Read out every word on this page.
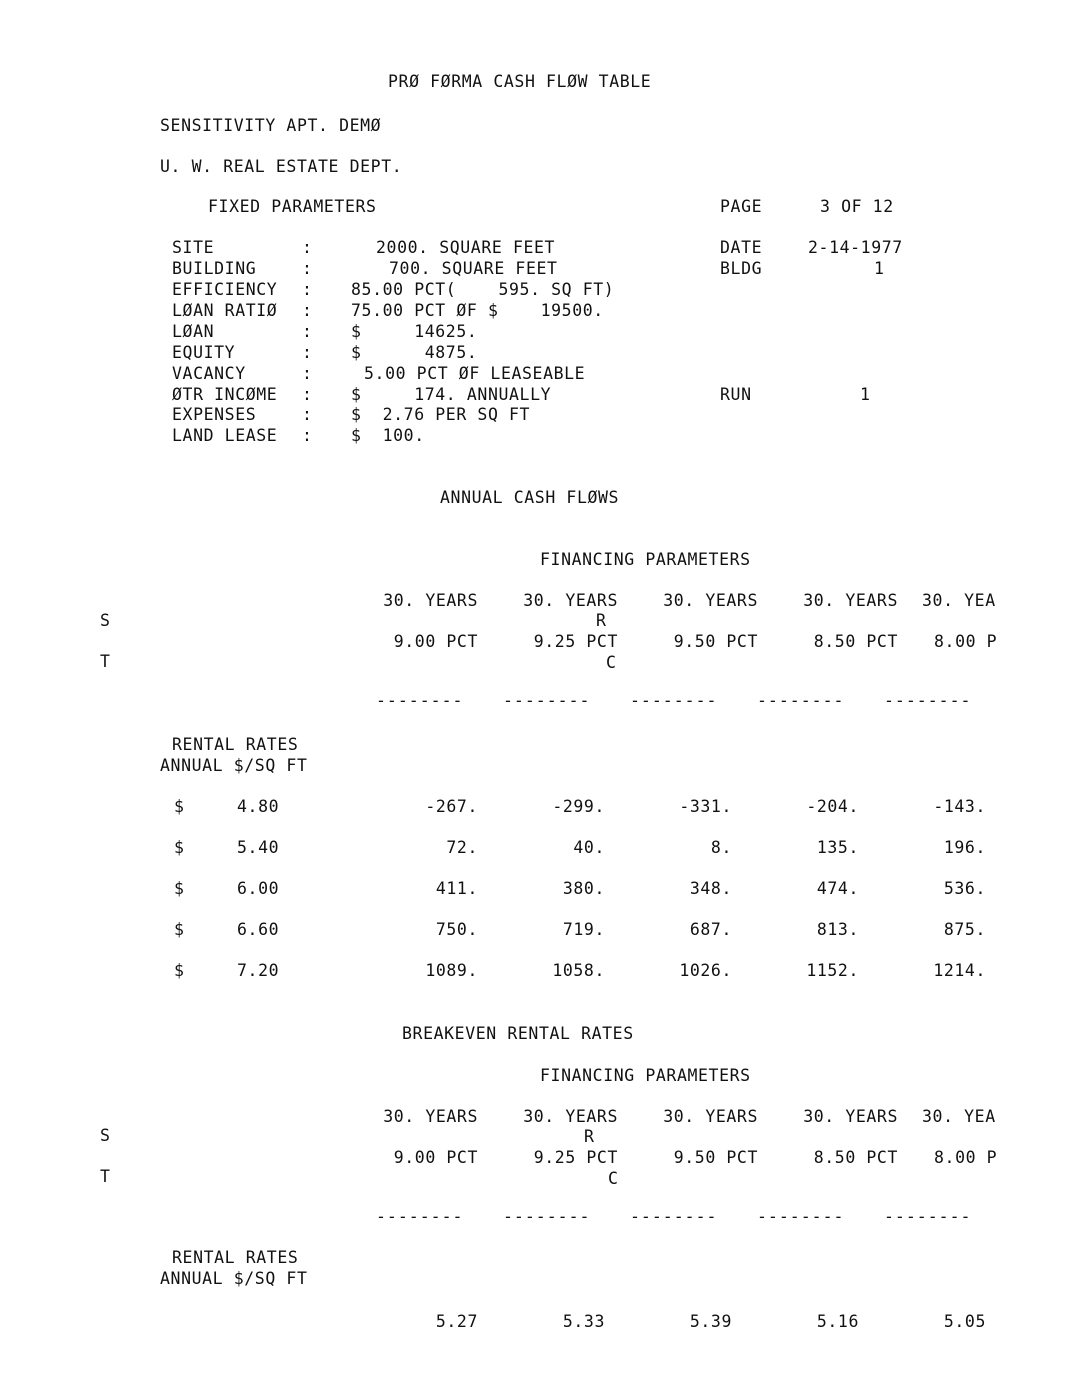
PRØ FØRMA CASH FLØW TABLE
SENSITIVITY APT. DEMØ
U. W. REAL ESTATE DEPT.
FIXED PARAMETERS	PAGE	3 OF 12
SITE	:	2000. SQUARE FEET
BUILDING	:	700. SQUARE FEET
EFFICIENCY : 85.00 PCT(    595. SQ FT)
LØAN RATIØ : 75.00 PCT ØF $    19500.
LØAN	: $     14625.
EQUITY	: $      4875.
VACANCY	:	5.00 PCT ØF LEASEABLE
ØTR INCØME : $     174. ANNUALLY
EXPENSES	: $  2.76 PER SQ FT
LAND LEASE : $  100.
DATE	2-14-1977
BLDG	1
RUN	1
ANNUAL CASH FLØWS
FINANCING PARAMETERS
S
T
30. YEARS	30. YEARS	30. YEARS	30. YEARS 30. YEA
R
9.00 PCT	9.25 PCT	9.50 PCT	8.50 PCT 8.00 P
C
-------- -------- -------- -------- --------
RENTAL RATES
ANNUAL $/SQ FT
$	4.80	-267.	-299.	-331.	-204.	-143.
$	5.40	72.	40.	8.	135.	196.
$	6.00	411.	380.	348.	474.	536.
$	6.60	750.	719.	687.	813.	875.
$	7.20	1089.	1058.	1026.	1152.	1214.
BREAKEVEN RENTAL RATES
FINANCING PARAMETERS
S
T
30. YEARS	30. YEARS	30. YEARS	30. YEARS 30. YEA
R
9.00 PCT	9.25 PCT	9.50 PCT	8.50 PCT 8.00 P
C
-------- -------- -------- -------- --------
RENTAL RATES
ANNUAL $/SQ FT
5.27	5.33	5.39	5.16	5.05
